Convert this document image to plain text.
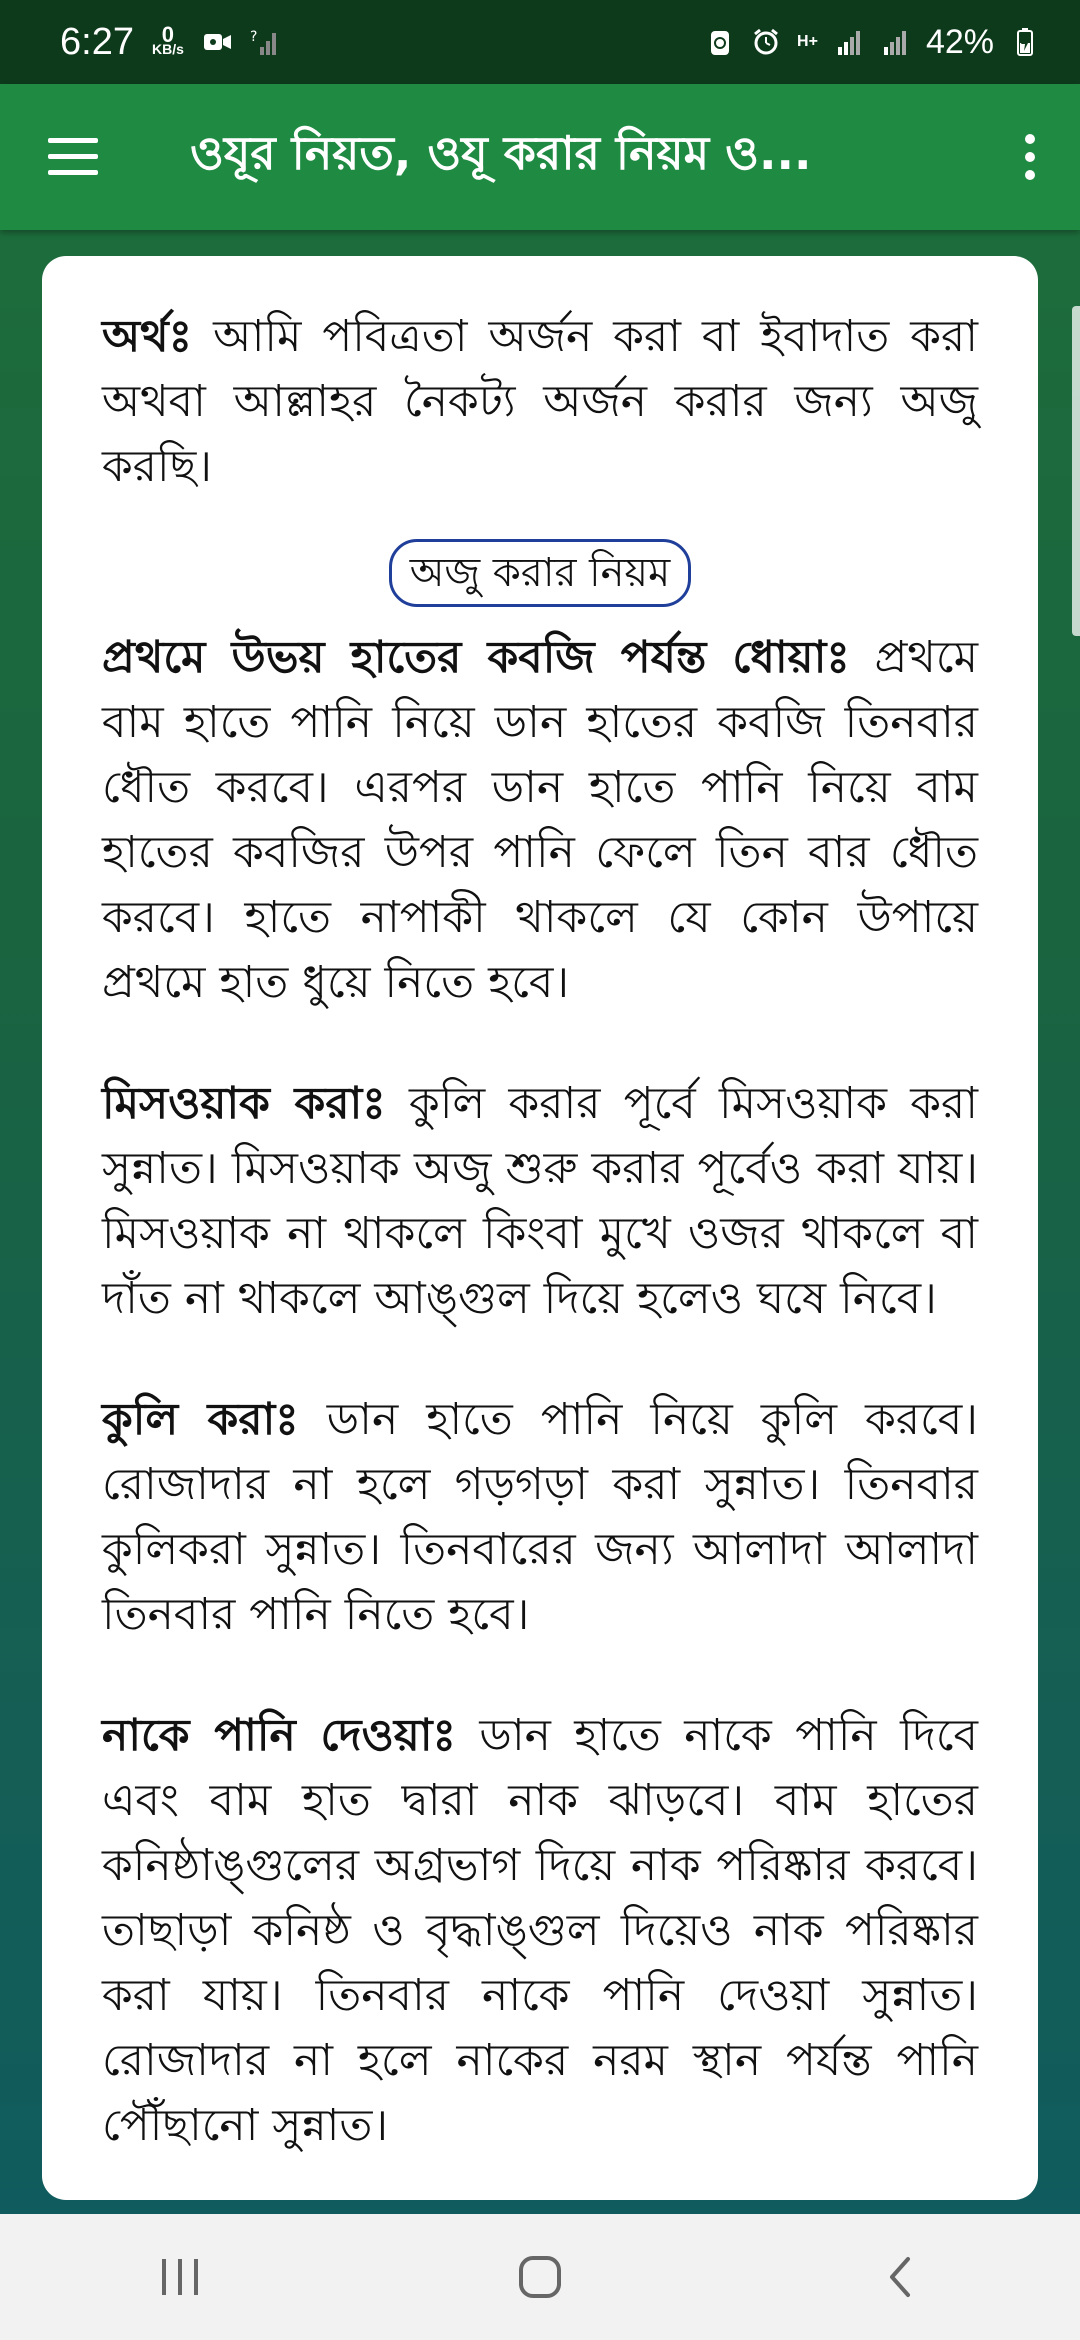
6:27	0
KB/s
?	H+	42%
ওযূর নিয়ত, ওযূ করার নিয়ম ও...

অর্থঃ আমি পবিত্রতা অর্জন করা বা ইবাদাত করা অথবা আল্লাহর নৈকট্য অর্জন করার জন্য অজু করছি।

অজু করার নিয়ম

প্রথমে উভয় হাতের কবজি পর্যন্ত ধোয়াঃ প্রথমে বাম হাতে পানি নিয়ে ডান হাতের কবজি তিনবার ধৌত করবে। এরপর ডান হাতে পানি নিয়ে বাম হাতের কবজির উপর পানি ফেলে তিন বার ধৌত করবে। হাতে নাপাকী থাকলে যে কোন উপায়ে প্রথমে হাত ধুয়ে নিতে হবে।

মিসওয়াক করাঃ কুলি করার পূর্বে মিসওয়াক করা সুন্নাত। মিসওয়াক অজু শুরু করার পূর্বেও করা যায়। মিসওয়াক না থাকলে কিংবা মুখে ওজর থাকলে বা দাঁত না থাকলে আঙ্গুল দিয়ে হলেও ঘষে নিবে।

কুলি করাঃ ডান হাতে পানি নিয়ে কুলি করবে। রোজাদার না হলে গড়গড়া করা সুন্নাত। তিনবার কুলিকরা সুন্নাত। তিনবারের জন্য আলাদা আলাদা তিনবার পানি নিতে হবে।

নাকে পানি দেওয়াঃ ডান হাতে নাকে পানি দিবে এবং বাম হাত দ্বারা নাক ঝাড়বে। বাম হাতের কনিষ্ঠাঙ্গুলের অগ্রভাগ দিয়ে নাক পরিষ্কার করবে। তাছাড়া কনিষ্ঠ ও বৃদ্ধাঙ্গুল দিয়েও নাক পরিষ্কার করা যায়। তিনবার নাকে পানি দেওয়া সুন্নাত। রোজাদার না হলে নাকের নরম স্থান পর্যন্ত পানি পৌঁছানো সুন্নাত।
